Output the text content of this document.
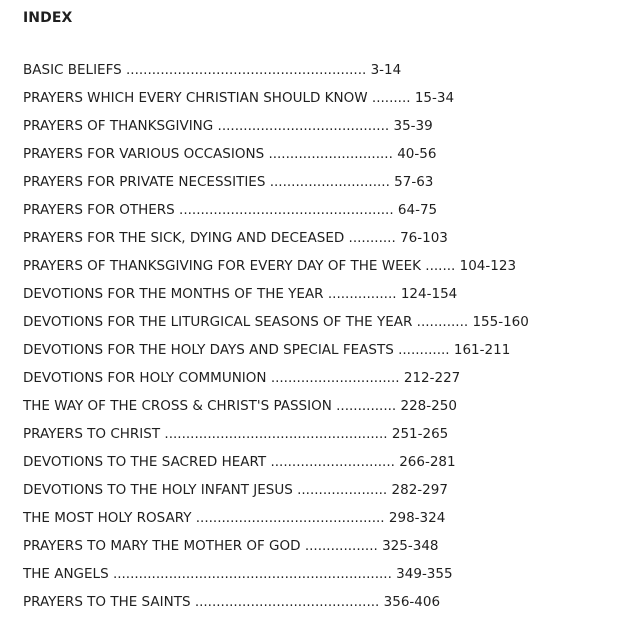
INDEX
BASIC BELIEFS ........................................................ 3-14
PRAYERS WHICH EVERY CHRISTIAN SHOULD KNOW ......... 15-34
PRAYERS OF THANKSGIVING ........................................ 35-39
PRAYERS FOR VARIOUS OCCASIONS ............................. 40-56
PRAYERS FOR PRIVATE NECESSITIES ............................ 57-63
PRAYERS FOR OTHERS .................................................. 64-75
PRAYERS FOR THE SICK, DYING AND DECEASED ........... 76-103
PRAYERS OF THANKSGIVING FOR EVERY DAY OF THE WEEK ....... 104-123
DEVOTIONS FOR THE MONTHS OF THE YEAR ................ 124-154
DEVOTIONS FOR THE LITURGICAL SEASONS OF THE YEAR ............ 155-160
DEVOTIONS FOR THE HOLY DAYS AND SPECIAL FEASTS ............ 161-211
DEVOTIONS FOR HOLY COMMUNION .............................. 212-227
THE WAY OF THE CROSS & CHRIST'S PASSION .............. 228-250
PRAYERS TO CHRIST .................................................... 251-265
DEVOTIONS TO THE SACRED HEART ............................. 266-281
DEVOTIONS TO THE HOLY INFANT JESUS ..................... 282-297
THE MOST HOLY ROSARY ............................................ 298-324
PRAYERS TO MARY THE MOTHER OF GOD ................. 325-348
THE ANGELS ................................................................. 349-355
PRAYERS TO THE SAINTS ........................................... 356-406
